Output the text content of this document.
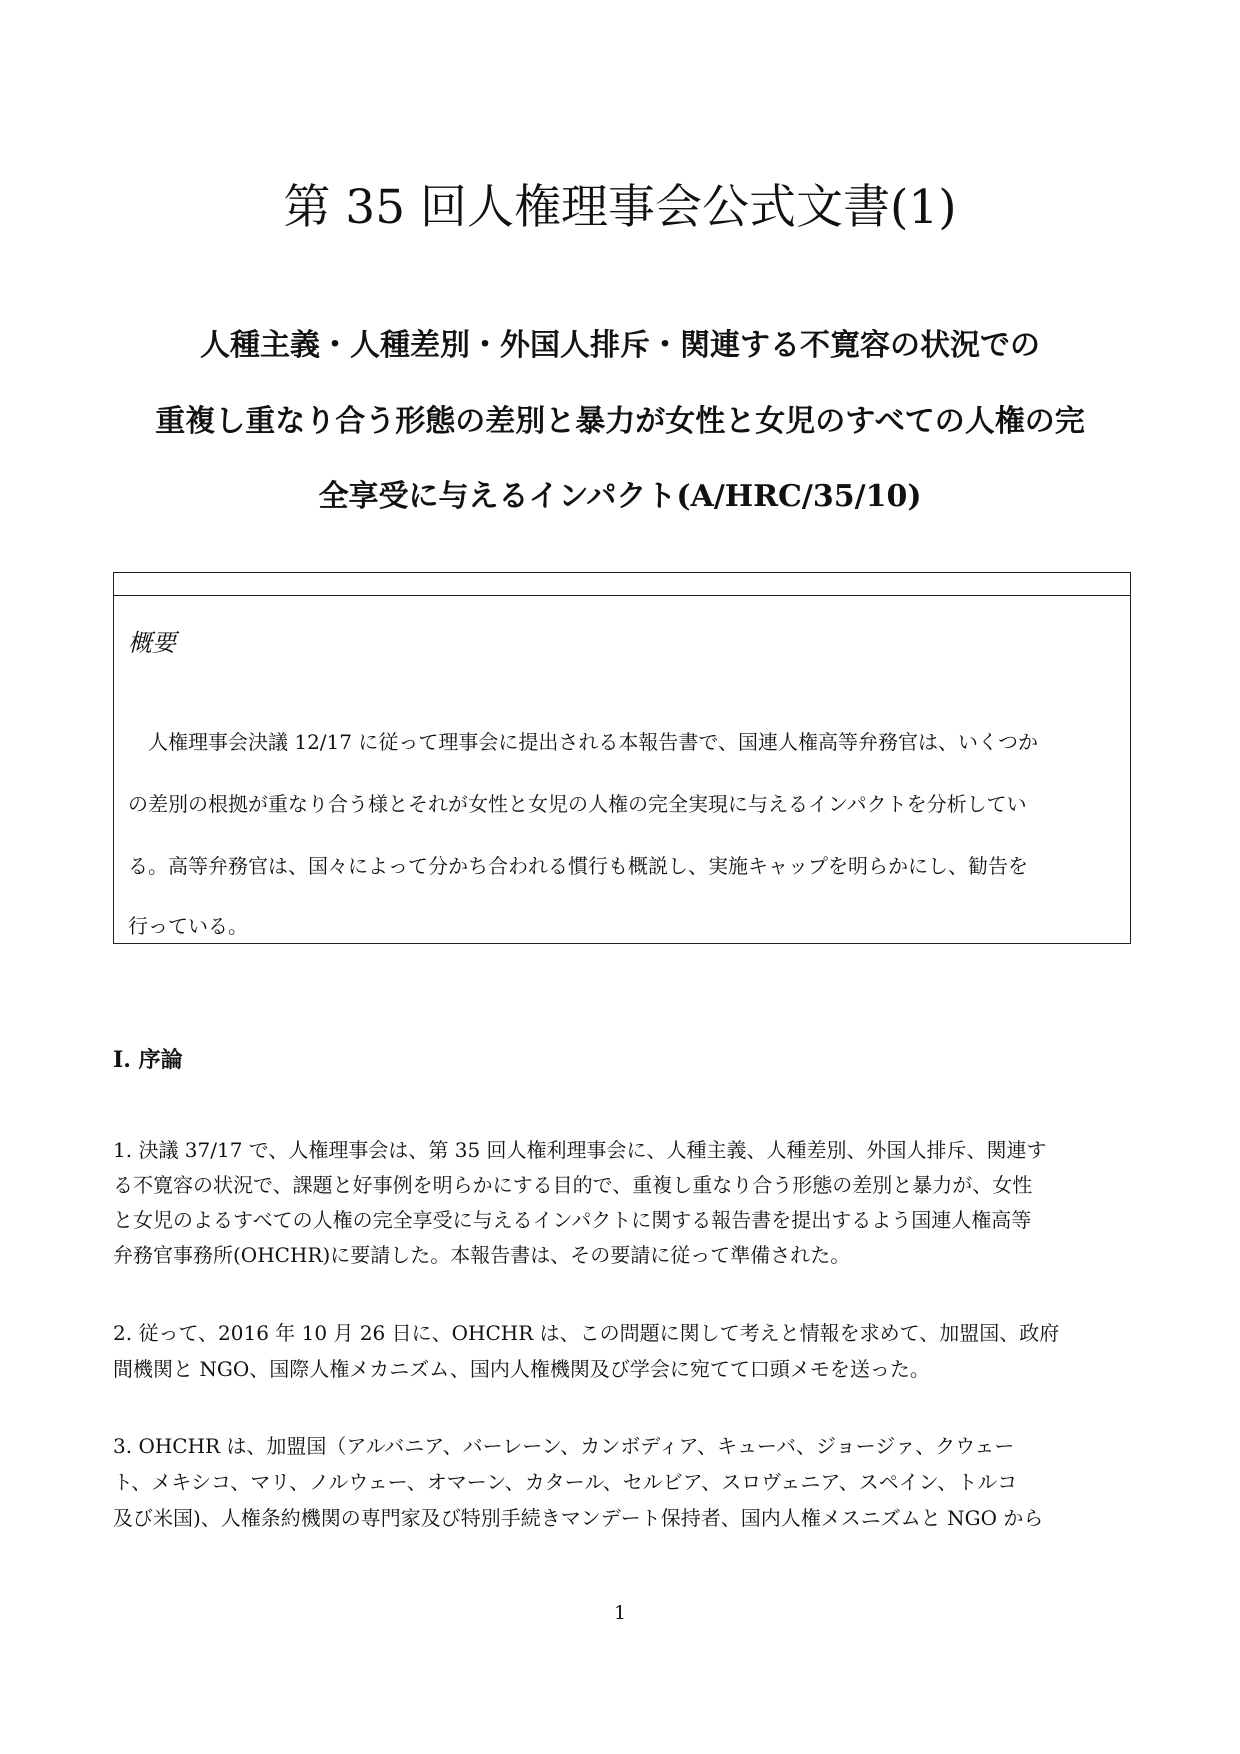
第 35 回人権理事会公式文書(1)
人種主義・人種差別・外国人排斥・関連する不寛容の状況での
重複し重なり合う形態の差別と暴力が女性と女児のすべての人権の完
全享受に与えるインパクト(A/HRC/35/10)
概要
　人権理事会決議 12/17 に従って理事会に提出される本報告書で、国連人権高等弁務官は、いくつか
の差別の根拠が重なり合う様とそれが女性と女児の人権の完全実現に与えるインパクトを分析してい
る。高等弁務官は、国々によって分かち合われる慣行も概説し、実施キャップを明らかにし、勧告を
行っている。
I. 序論
1. 決議 37/17 で、人権理事会は、第 35 回人権利理事会に、人種主義、人種差別、外国人排斥、関連す
る不寛容の状況で、課題と好事例を明らかにする目的で、重複し重なり合う形態の差別と暴力が、女性
と女児のよるすべての人権の完全享受に与えるインパクトに関する報告書を提出するよう国連人権高等
弁務官事務所(OHCHR)に要請した。本報告書は、その要請に従って準備された。
2. 従って、2016 年 10 月 26 日に、OHCHR は、この問題に関して考えと情報を求めて、加盟国、政府
間機関と NGO、国際人権メカニズム、国内人権機関及び学会に宛てて口頭メモを送った。
3. OHCHR は、加盟国（アルバニア、バーレーン、カンボディア、キューバ、ジョージァ、クウェー
ト、メキシコ、マリ、ノルウェー、オマーン、カタール、セルビア、スロヴェニア、スペイン、トルコ
及び米国)、人権条約機関の専門家及び特別手続きマンデート保持者、国内人権メスニズムと NGO から
1
